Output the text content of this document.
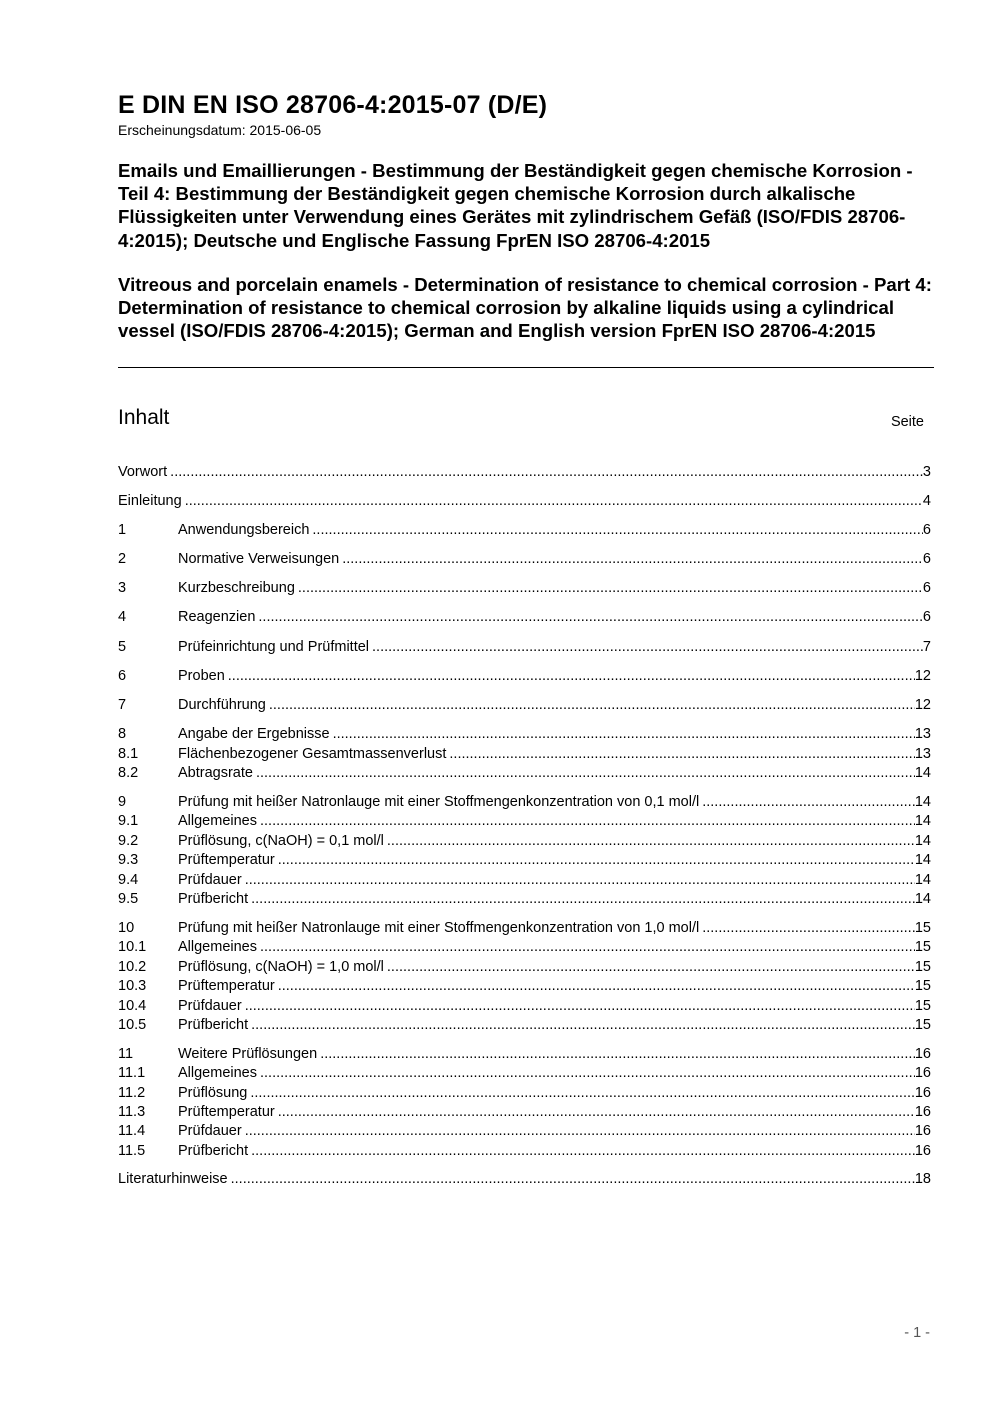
E DIN EN ISO 28706-4:2015-07 (D/E)
Erscheinungsdatum: 2015-06-05
Emails und Emaillierungen - Bestimmung der Beständigkeit gegen chemische Korrosion - Teil 4: Bestimmung der Beständigkeit gegen chemische Korrosion durch alkalische Flüssigkeiten unter Verwendung eines Gerätes mit zylindrischem Gefäß (ISO/FDIS 28706-4:2015); Deutsche und Englische Fassung FprEN ISO 28706-4:2015
Vitreous and porcelain enamels - Determination of resistance to chemical corrosion - Part 4: Determination of resistance to chemical corrosion by alkaline liquids using a cylindrical vessel (ISO/FDIS 28706-4:2015); German and English version FprEN ISO 28706-4:2015
Inhalt	Seite
Vorwort .....	3
Einleitung .....	4
1	Anwendungsbereich .....	6
2	Normative Verweisungen .....	6
3	Kurzbeschreibung .....	6
4	Reagenzien .....	6
5	Prüfeinrichtung und Prüfmittel .....	7
6	Proben .....	12
7	Durchführung .....	12
8	Angabe der Ergebnisse .....	13
8.1	Flächenbezogener Gesamtmassenverlust .....	13
8.2	Abtragsrate .....	14
9	Prüfung mit heißer Natronlauge mit einer Stoffmengenkonzentration von 0,1 mol/l .....	14
9.1	Allgemeines .....	14
9.2	Prüflösung, c(NaOH) = 0,1 mol/l .....	14
9.3	Prüftemperatur .....	14
9.4	Prüfdauer .....	14
9.5	Prüfbericht .....	14
10	Prüfung mit heißer Natronlauge mit einer Stoffmengenkonzentration von 1,0 mol/l .....	15
10.1 Allgemeines .....	15
10.2 Prüflösung, c(NaOH) = 1,0 mol/l .....	15
10.3 Prüftemperatur .....	15
10.4 Prüfdauer .....	15
10.5 Prüfbericht .....	15
11	Weitere Prüflösungen .....	16
11.1 Allgemeines .....	16
11.2 Prüflösung .....	16
11.3 Prüftemperatur .....	16
11.4 Prüfdauer .....	16
11.5 Prüfbericht .....	16
Literaturhinweise .....	18
- 1 -
